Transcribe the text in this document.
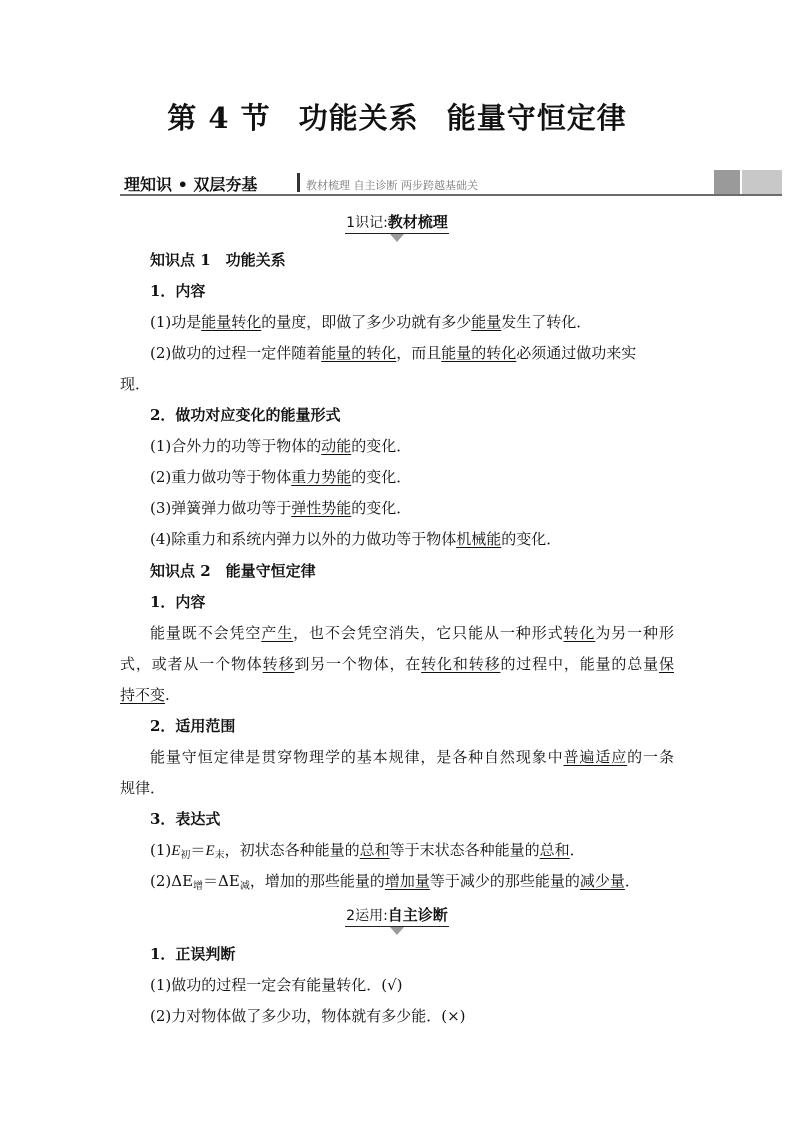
第 4 节 功能关系 能量守恒定律
理知识 • 双层夯基	教材梳理 自主诊断 两步跨越基础关
1识记:教材梳理
知识点 1　功能关系
1．内容
(1)功是能量转化的量度，即做了多少功就有多少能量发生了转化．
(2)做功的过程一定伴随着能量的转化，而且能量的转化必须通过做功来实
现．
2．做功对应变化的能量形式
(1)合外力的功等于物体的动能的变化．
(2)重力做功等于物体重力势能的变化．
(3)弹簧弹力做功等于弹性势能的变化．
(4)除重力和系统内弹力以外的力做功等于物体机械能的变化．
知识点 2　能量守恒定律
1．内容
能量既不会凭空产生，也不会凭空消失，它只能从一种形式转化为另一种形
式，或者从一个物体转移到另一个物体，在转化和转移的过程中，能量的总量保
持不变.
2．适用范围
能量守恒定律是贯穿物理学的基本规律，是各种自然现象中普遍适应的一条
规律．
3．表达式
$(1)E_初=E_末$，初状态各种能量的总和等于末状态各种能量的总和．
$(2)\Delta E_增=\Delta E_减$，增加的那些能量的增加量等于减少的那些能量的减少量．
2运用:自主诊断
1．正误判断
(1)做功的过程一定会有能量转化．(√)
(2)力对物体做了多少功，物体就有多少能．(×)
